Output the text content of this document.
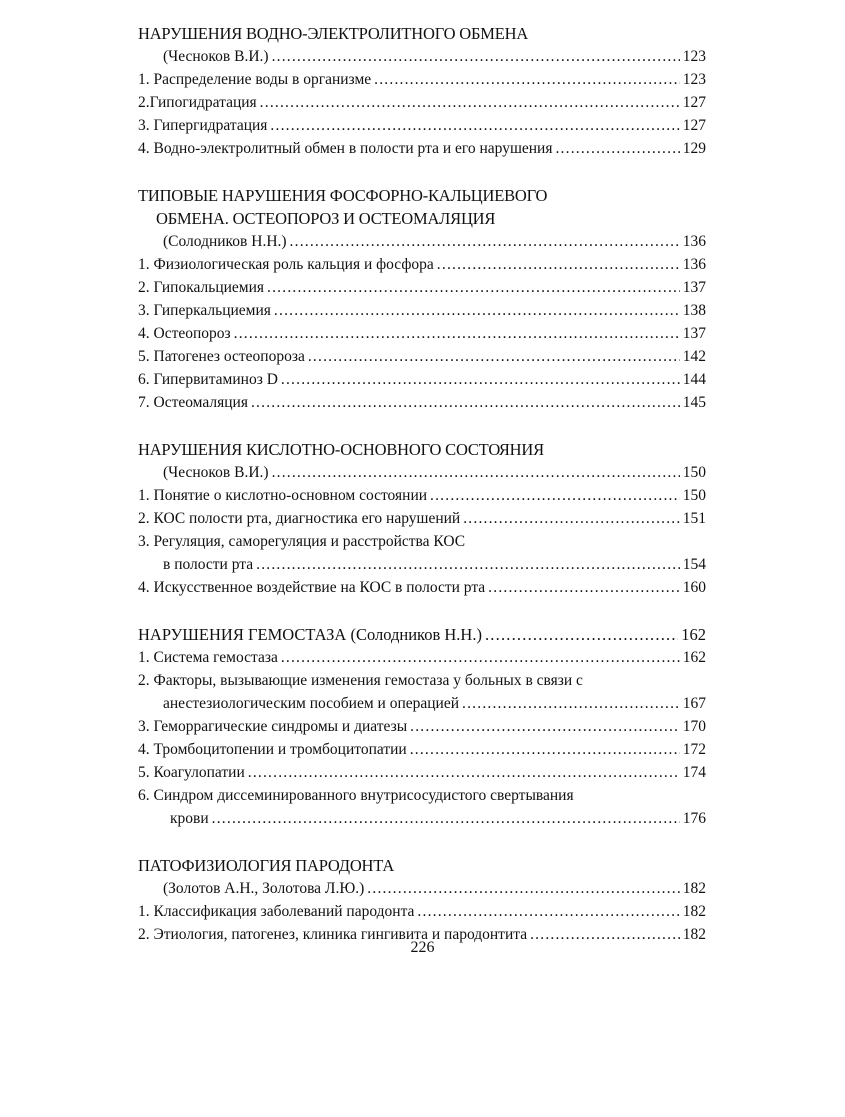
НАРУШЕНИЯ ВОДНО-ЭЛЕКТРОЛИТНОГО ОБМЕНА
(Чесноков В.И.) .....	123
1. Распределение воды в организме .....	123
2.Гипогидратация .....	127
3. Гипергидратация .....	127
4. Водно-электролитный обмен в полости рта и его нарушения .....	129
ТИПОВЫЕ НАРУШЕНИЯ ФОСФОРНО-КАЛЬЦИЕВОГО
ОБМЕНА. ОСТЕОПОРОЗ И ОСТЕОМАЛЯЦИЯ
(Солодников Н.Н.) .....	136
1. Физиологическая роль кальция и фосфора .....	136
2. Гипокальциемия .....	137
3. Гиперкальциемия .....	138
4. Остеопороз .....	137
5. Патогенез остеопороза .....	142
6. Гипервитаминоз D .....	144
7. Остеомаляция .....	145
НАРУШЕНИЯ КИСЛОТНО-ОСНОВНОГО СОСТОЯНИЯ
(Чесноков В.И.) .....	150
1. Понятие о кислотно-основном состоянии .....	150
2. КОС полости рта, диагностика его нарушений .....	151
3. Регуляция, саморегуляция и расстройства КОС
в полости рта .....	154
4. Искусственное воздействие на КОС в полости рта .....	160
НАРУШЕНИЯ ГЕМОСТАЗА (Солодников Н.Н.) .....	162
1. Система гемостаза .....	162
2. Факторы, вызывающие изменения гемостаза у больных в связи с
анестезиологическим пособием и операцией .....	167
3. Геморрагические синдромы и диатезы .....	170
4. Тромбоцитопении и тромбоцитопатии .....	172
5. Коагулопатии .....	174
6. Синдром диссеминированного внутрисосудистого свертывания
крови .....	176
ПАТОФИЗИОЛОГИЯ ПАРОДОНТА
(Золотов А.Н., Золотова Л.Ю.) .....	182
1. Классификация заболеваний пародонта .....	182
2. Этиология, патогенез, клиника гингивита и пародонтита .....	182
226
